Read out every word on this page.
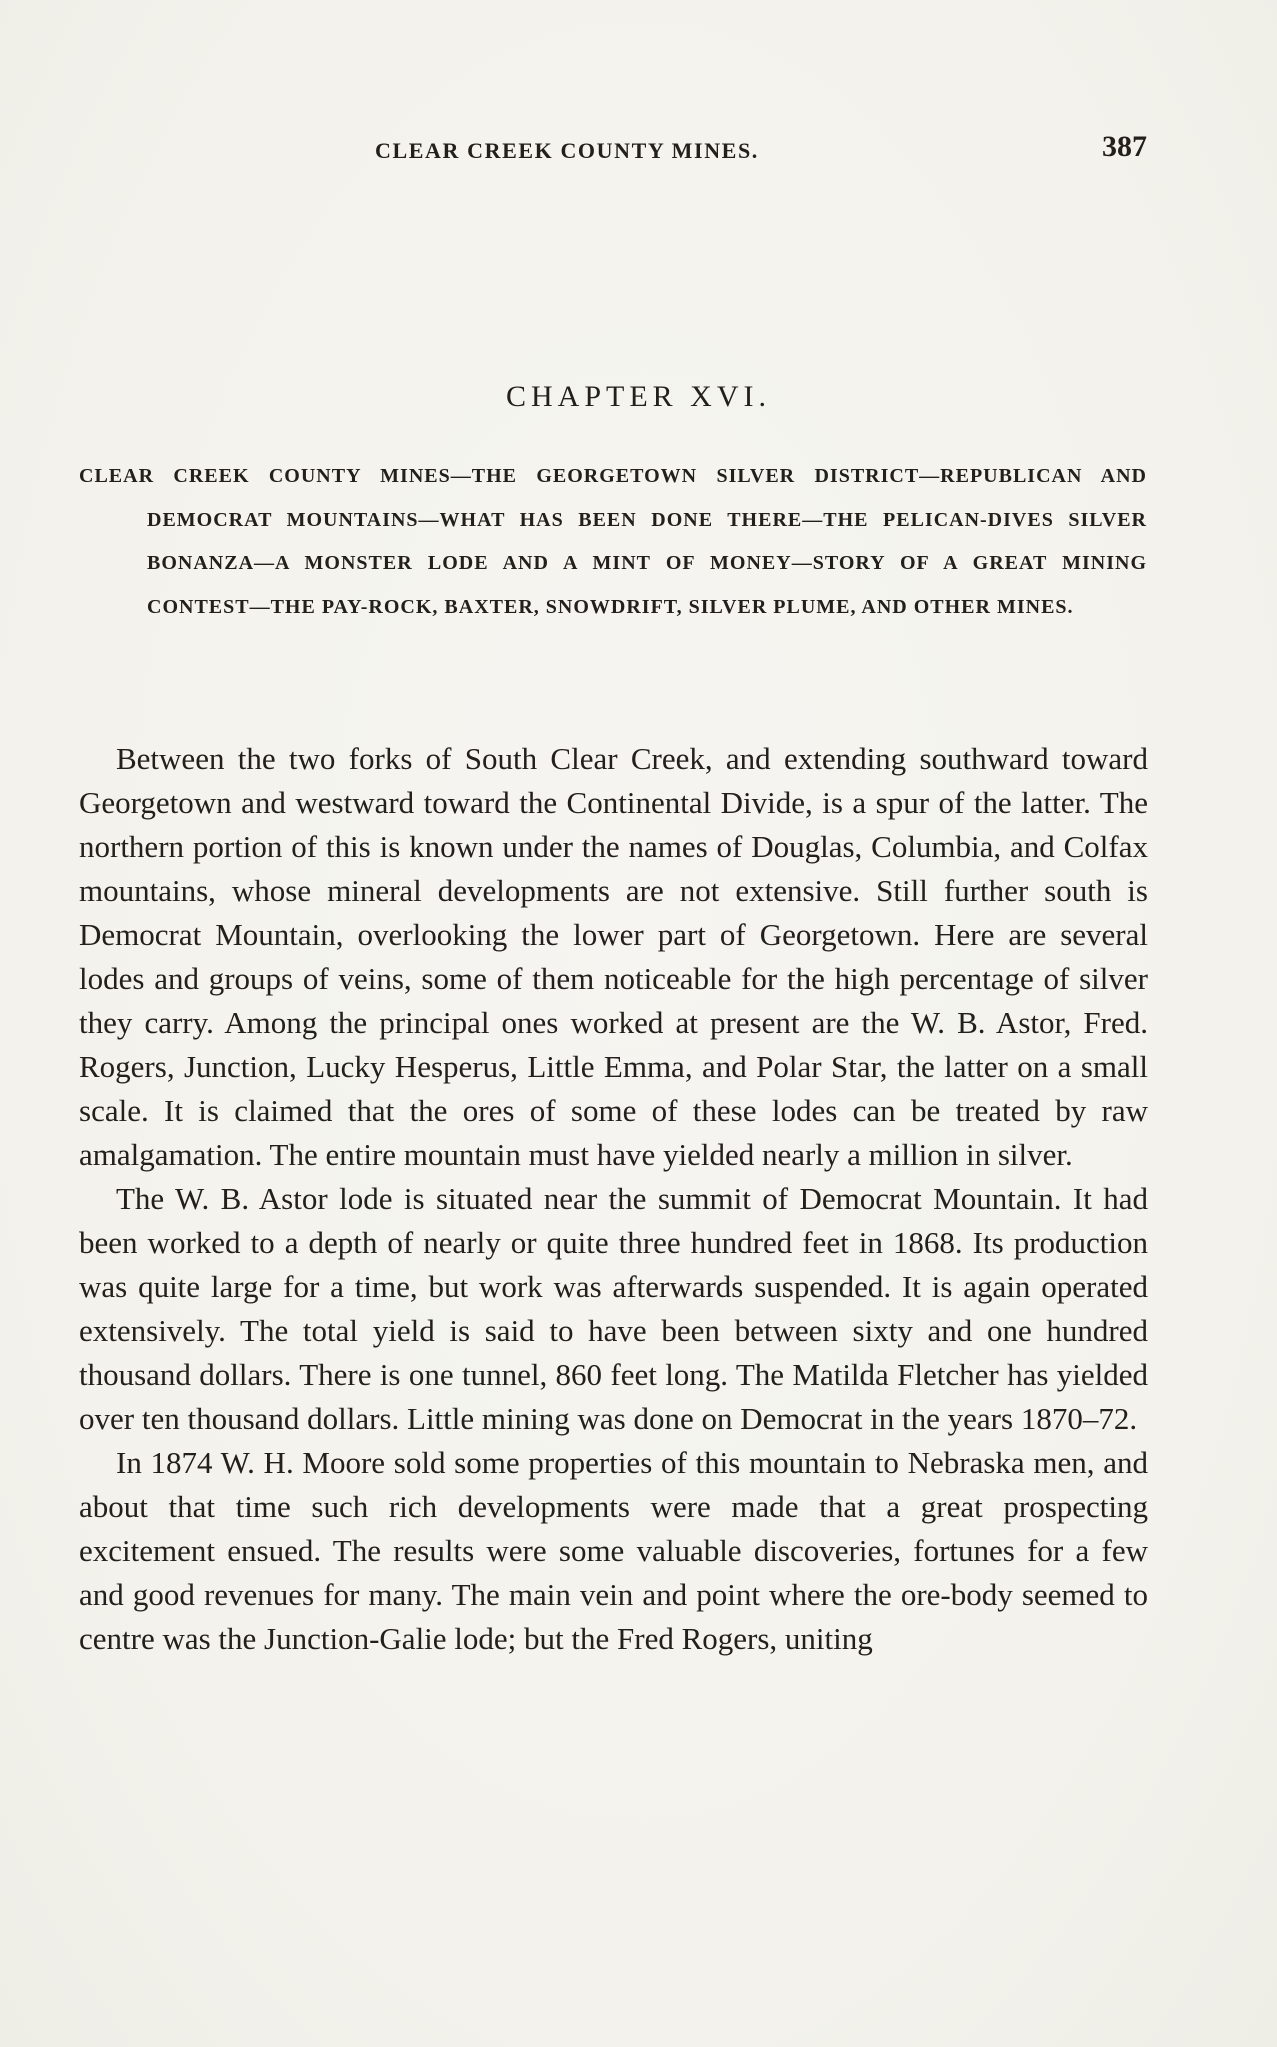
CLEAR CREEK COUNTY MINES.	387
CHAPTER XVI.
CLEAR CREEK COUNTY MINES—THE GEORGETOWN SILVER DISTRICT—REPUBLICAN AND DEMOCRAT MOUNTAINS—WHAT HAS BEEN DONE THERE—THE PELICAN-DIVES SILVER BONANZA—A MONSTER LODE AND A MINT OF MONEY—STORY OF A GREAT MINING CONTEST—THE PAY-ROCK, BAXTER, SNOWDRIFT, SILVER PLUME, AND OTHER MINES.

Between the two forks of South Clear Creek, and extending southward toward Georgetown and westward toward the Continental Divide, is a spur of the latter. The northern portion of this is known under the names of Douglas, Columbia, and Colfax mountains, whose mineral developments are not extensive. Still further south is Democrat Mountain, overlooking the lower part of Georgetown. Here are several lodes and groups of veins, some of them noticeable for the high percentage of silver they carry. Among the principal ones worked at present are the W. B. Astor, Fred. Rogers, Junction, Lucky Hesperus, Little Emma, and Polar Star, the latter on a small scale. It is claimed that the ores of some of these lodes can be treated by raw amalgamation. The entire mountain must have yielded nearly a million in silver.

The W. B. Astor lode is situated near the summit of Democrat Mountain. It had been worked to a depth of nearly or quite three hundred feet in 1868. Its production was quite large for a time, but work was afterwards suspended. It is again operated extensively. The total yield is said to have been between sixty and one hundred thousand dollars. There is one tunnel, 860 feet long. The Matilda Fletcher has yielded over ten thousand dollars. Little mining was done on Democrat in the years 1870–72.

In 1874 W. H. Moore sold some properties of this mountain to Nebraska men, and about that time such rich developments were made that a great prospecting excitement ensued. The results were some valuable discoveries, fortunes for a few and good revenues for many. The main vein and point where the ore-body seemed to centre was the Junction-Galie lode; but the Fred Rogers, uniting
